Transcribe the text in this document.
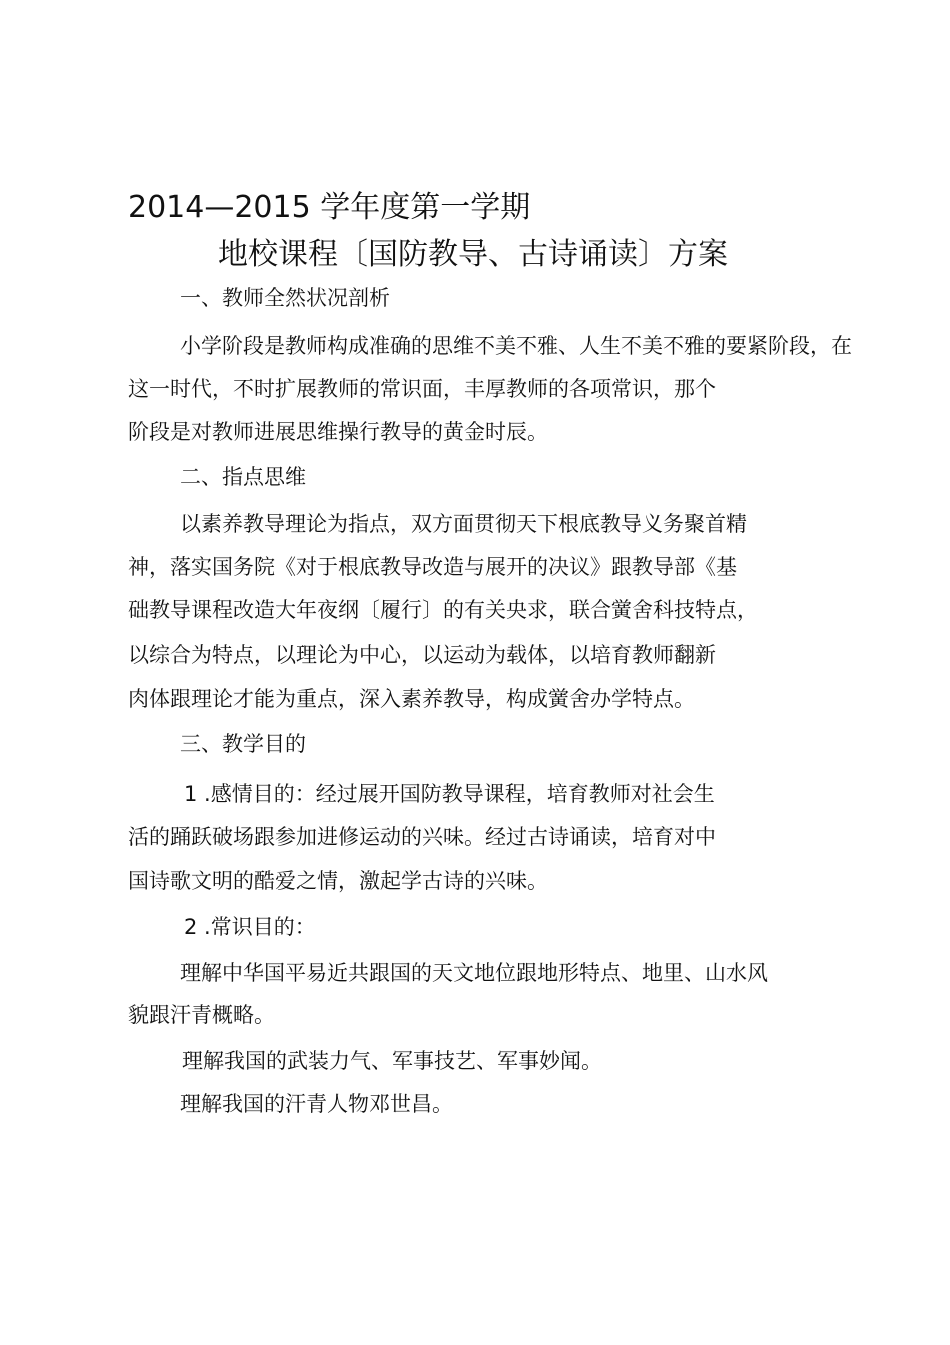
2014—2015 学年度第一学期
地校课程〔国防教导、古诗诵读〕方案
一、教师全然状况剖析
小学阶段是教师构成准确的思维不美不雅、人生不美不雅的要紧阶段，在
这一时代，不时扩展教师的常识面，丰厚教师的各项常识，那个
阶段是对教师进展思维操行教导的黄金时辰。
二、指点思维
以素养教导理论为指点，双方面贯彻天下根底教导义务聚首精
神，落实国务院《对于根底教导改造与展开的决议》跟教导部《基
础教导课程改造大年夜纲〔履行〕的有关央求，联合黉舍科技特点，
以综合为特点，以理论为中心，以运动为载体，以培育教师翻新
肉体跟理论才能为重点，深入素养教导，构成黉舍办学特点。
三、教学目的
1 .感情目的：经过展开国防教导课程，培育教师对社会生
活的踊跃破场跟参加进修运动的兴味。经过古诗诵读，培育对中
国诗歌文明的酷爱之情，激起学古诗的兴味。
2 .常识目的：
理解中华国平易近共跟国的天文地位跟地形特点、地里、山水风
貌跟汗青概略。
理解我国的武装力气、军事技艺、军事妙闻。
理解我国的汗青人物邓世昌。
